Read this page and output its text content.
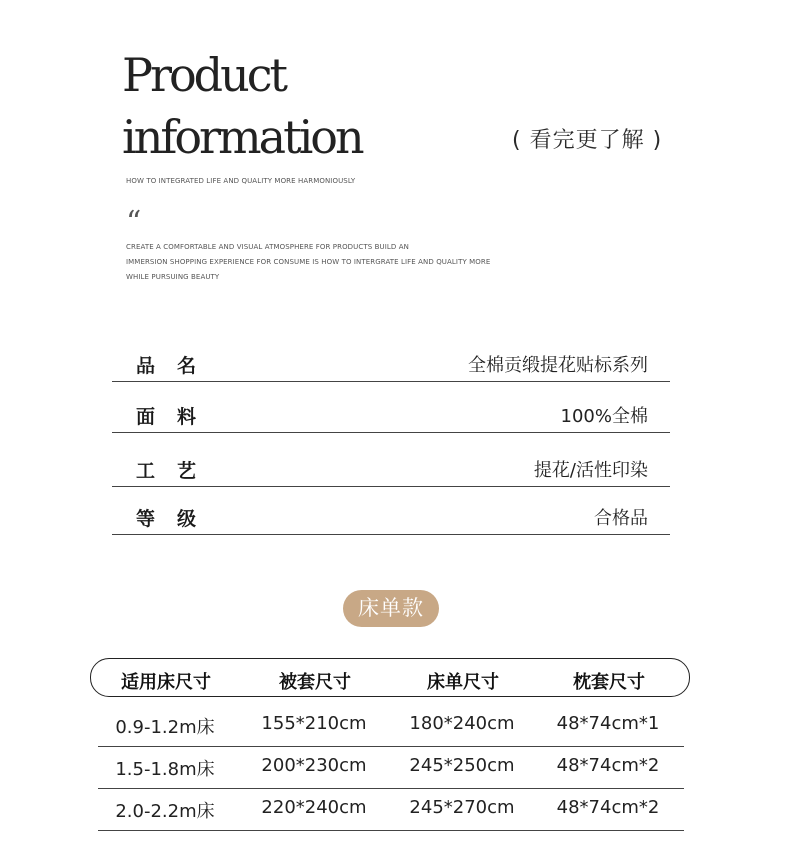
Product
information	( 看完更了解 )
HOW TO INTEGRATED LIFE AND QUALITY MORE HARMONIOUSLY
“
CREATE A COMFORTABLE AND VISUAL ATMOSPHERE FOR PRODUCTS BUILD AN
IMMERSION SHOPPING EXPERIENCE FOR CONSUME IS HOW TO INTERGRATE LIFE AND QUALITY MORE
WHILE PURSUING BEAUTY
品名	全棉贡缎提花贴标系列
面料	100%全棉
工艺	提花/活性印染
等级	合格品
床单款
适用床尺寸	被套尺寸	床单尺寸	枕套尺寸
0.9-1.2m床	155*210cm	180*240cm	48*74cm*1
1.5-1.8m床	200*230cm	245*250cm	48*74cm*2
2.0-2.2m床	220*240cm	245*270cm	48*74cm*2
